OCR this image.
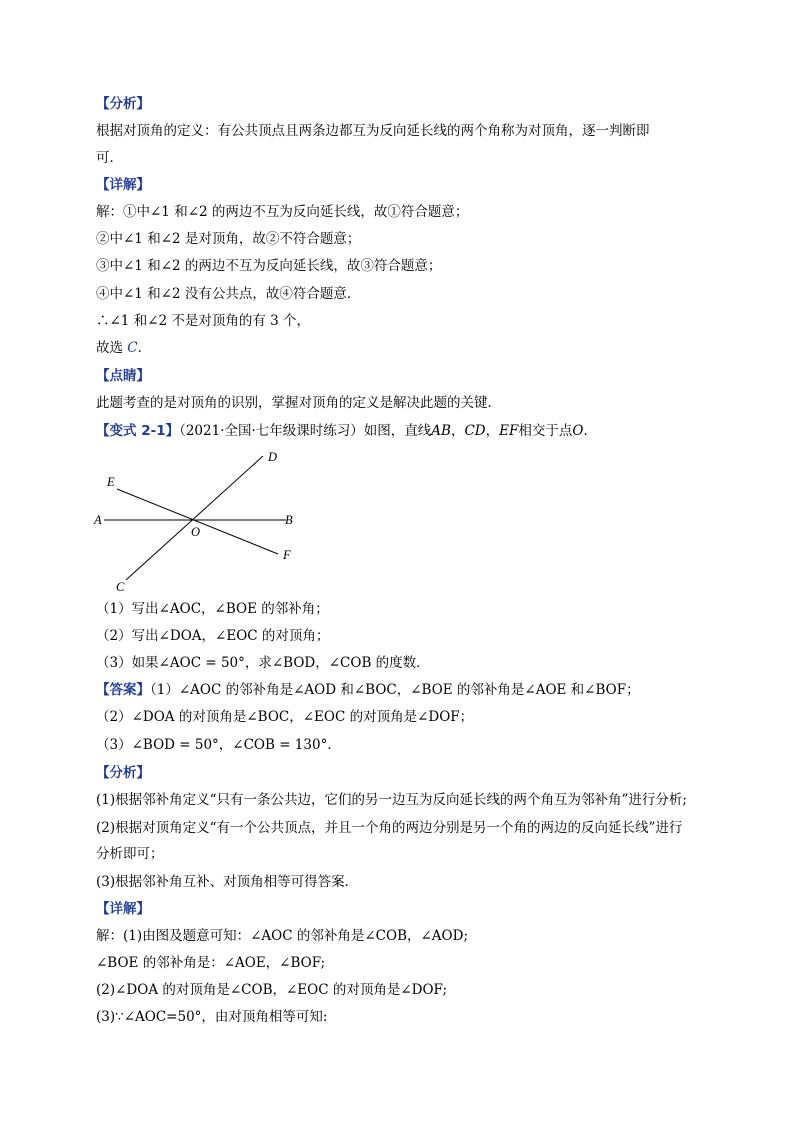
【分析】
根据对顶角的定义：有公共顶点且两条边都互为反向延长线的两个角称为对顶角，逐一判断即
可．
【详解】
解：①中∠1 和∠2 的两边不互为反向延长线，故①符合题意；
②中∠1 和∠2 是对顶角，故②不符合题意；
③中∠1 和∠2 的两边不互为反向延长线，故③符合题意；
④中∠1 和∠2 没有公共点，故④符合题意．
∴∠1 和∠2 不是对顶角的有 3 个，
故选 C．
【点睛】
此题考查的是对顶角的识别，掌握对顶角的定义是解决此题的关键．
【变式 2-1】（2021·全国·七年级课时练习）如图，直线AB，CD，EF相交于点O．
D
E
A
O
B
F
C
（1）写出∠AOC，∠BOE 的邻补角；
（2）写出∠DOA，∠EOC 的对顶角；
（3）如果∠AOC = 50°，求∠BOD，∠COB 的度数．
【答案】（1）∠AOC 的邻补角是∠AOD 和∠BOC，∠BOE 的邻补角是∠AOE 和∠BOF；
（2）∠DOA 的对顶角是∠BOC，∠EOC 的对顶角是∠DOF；
（3）∠BOD = 50°，∠COB = 130°．
【分析】
(1)根据邻补角定义“只有一条公共边，它们的另一边互为反向延长线的两个角互为邻补角”进行分析;
(2)根据对顶角定义“有一个公共顶点，并且一个角的两边分别是另一个角的两边的反向延长线”进行
分析即可；
(3)根据邻补角互补、对顶角相等可得答案．
【详解】
解：(1)由图及题意可知：∠AOC 的邻补角是∠COB，∠AOD;
∠BOE 的邻补角是：∠AOE，∠BOF;
(2)∠DOA 的对顶角是∠COB，∠EOC 的对顶角是∠DOF;
(3)∵∠AOC=50°，由对顶角相等可知:
